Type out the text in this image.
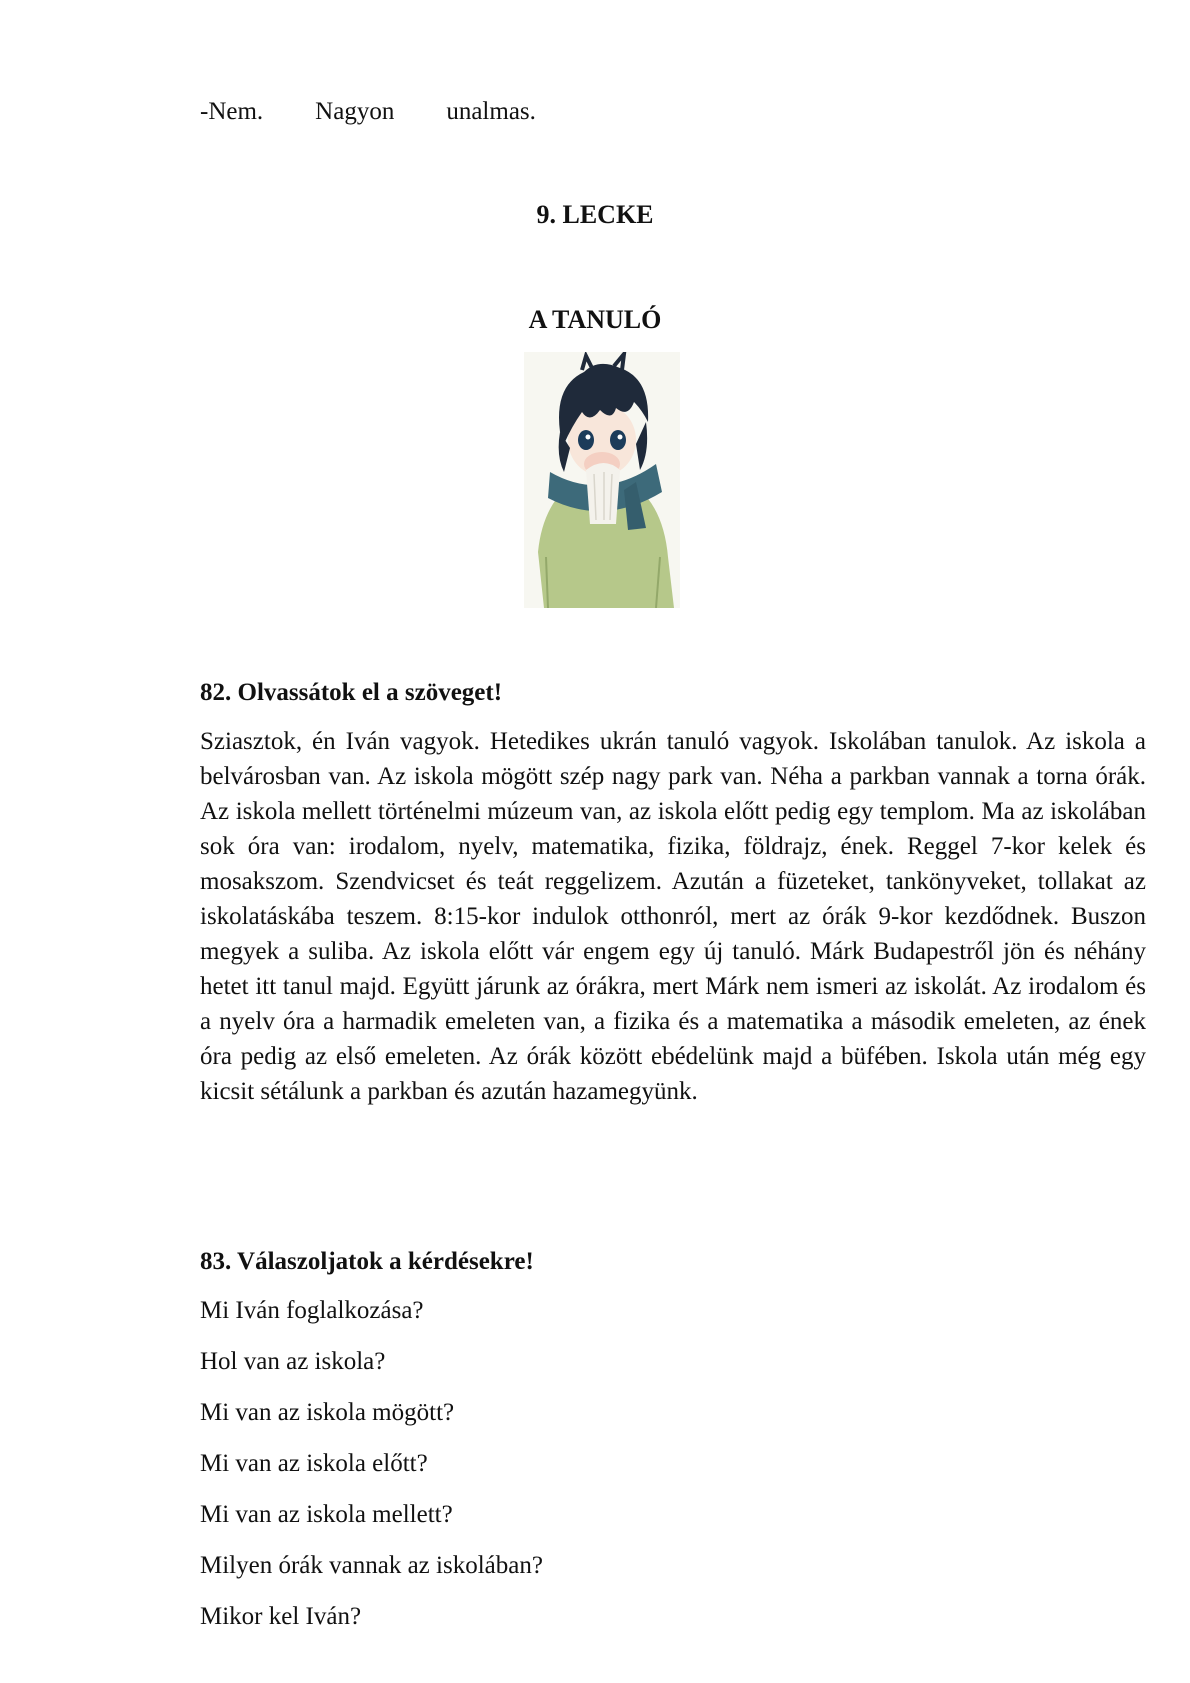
-Nem. Nagyon unalmas.
9. LECKE
A TANULÓ
82. Olvassátok el a szöveget!

Sziasztok, én Iván vagyok. Hetedikes ukrán tanuló vagyok. Iskolában tanulok. Az iskola a belvárosban van. Az iskola mögött szép nagy park van. Néha a parkban vannak a torna órák. Az iskola mellett történelmi múzeum van, az iskola előtt pedig egy templom. Ma az iskolában sok óra van: irodalom, nyelv, matematika, fizika, földrajz, ének. Reggel 7-kor kelek és mosakszom. Szendvicset és teát reggelizem. Azután a füzeteket, tankönyveket, tollakat az iskolatáskába teszem. 8:15-kor indulok otthonról, mert az órák 9-kor kezdődnek. Buszon megyek a suliba. Az iskola előtt vár engem egy új tanuló. Márk Budapestről jön és néhány hetet itt tanul majd. Együtt járunk az órákra, mert Márk nem ismeri az iskolát. Az irodalom és a nyelv óra a harmadik emeleten van, a fizika és a matematika a második emeleten, az ének óra pedig az első emeleten. Az órák között ebédelünk majd a büfében. Iskola után még egy kicsit sétálunk a parkban és azután hazamegyünk.

83. Válaszoljatok a kérdésekre!
Mi Iván foglalkozása?
Hol van az iskola?
Mi van az iskola mögött?
Mi van az iskola előtt?
Mi van az iskola mellett?
Milyen órák vannak az iskolában?
Mikor kel Iván?
